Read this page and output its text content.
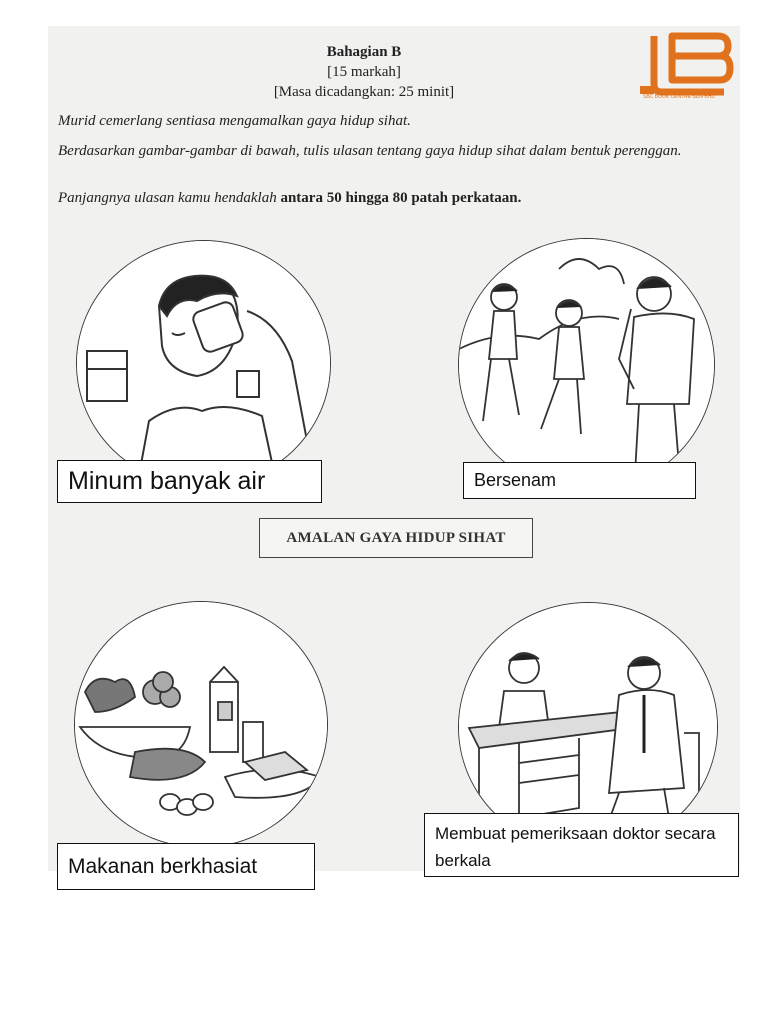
Bahagian B
[15 markah]
[Masa dicadangkan: 25 minit]
Murid cemerlang sentiasa mengamalkan gaya hidup sihat.
Berdasarkan gambar-gambar di bawah, tulis ulasan tentang gaya hidup sihat dalam bentuk perenggan.
Panjangnya ulasan kamu hendaklah antara 50 hingga 80 patah perkataan.
SBC BOOK CENTRE SDN BHD
AMALAN GAYA HIDUP SIHAT
Minum banyak air	Bersenam
Makanan berkhasiat
Membuat pemeriksaan doktor secara berkala
